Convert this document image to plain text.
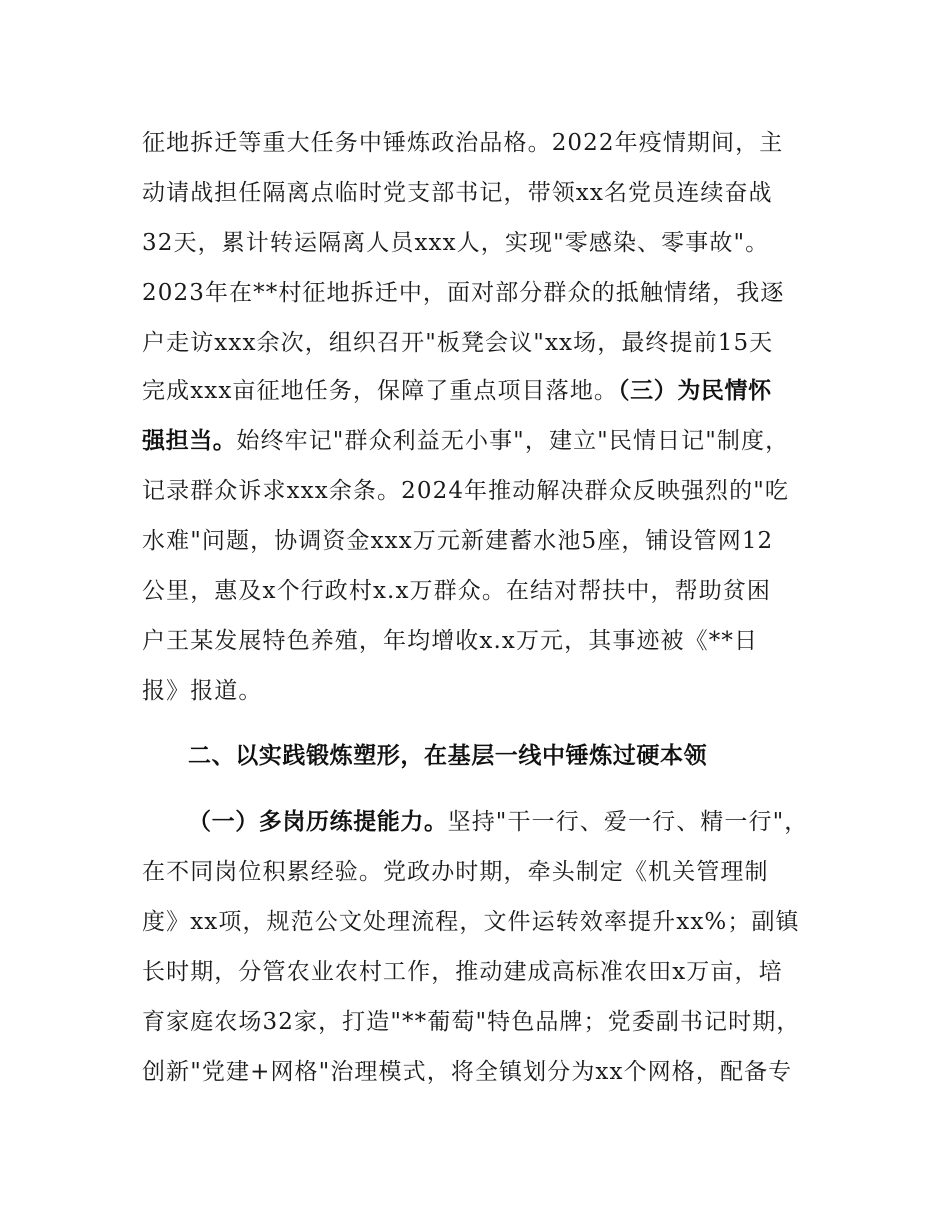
征地拆迁等重大任务中锤炼政治品格。2022年疫情期间，主
动请战担任隔离点临时党支部书记，带领xx名党员连续奋战
32天，累计转运隔离人员xxx人，实现"零感染、零事故"。
2023年在**村征地拆迁中，面对部分群众的抵触情绪，我逐
户走访xxx余次，组织召开"板凳会议"xx场，最终提前15天
完成xxx亩征地任务，保障了重点项目落地。（三）为民情怀
强担当。始终牢记"群众利益无小事"，建立"民情日记"制度，
记录群众诉求xxx余条。2024年推动解决群众反映强烈的"吃
水难"问题，协调资金xxx万元新建蓄水池5座，铺设管网12
公里，惠及x个行政村x.x万群众。在结对帮扶中，帮助贫困
户王某发展特色养殖，年均增收x.x万元，其事迹被《**日
报》报道。
二、以实践锻炼塑形，在基层一线中锤炼过硬本领
（一）多岗历练提能力。坚持"干一行、爱一行、精一行"，
在不同岗位积累经验。党政办时期，牵头制定《机关管理制
度》xx项，规范公文处理流程，文件运转效率提升xx%；副镇
长时期，分管农业农村工作，推动建成高标准农田x万亩，培
育家庭农场32家，打造"**葡萄"特色品牌；党委副书记时期，
创新"党建+网格"治理模式，将全镇划分为xx个网格，配备专
